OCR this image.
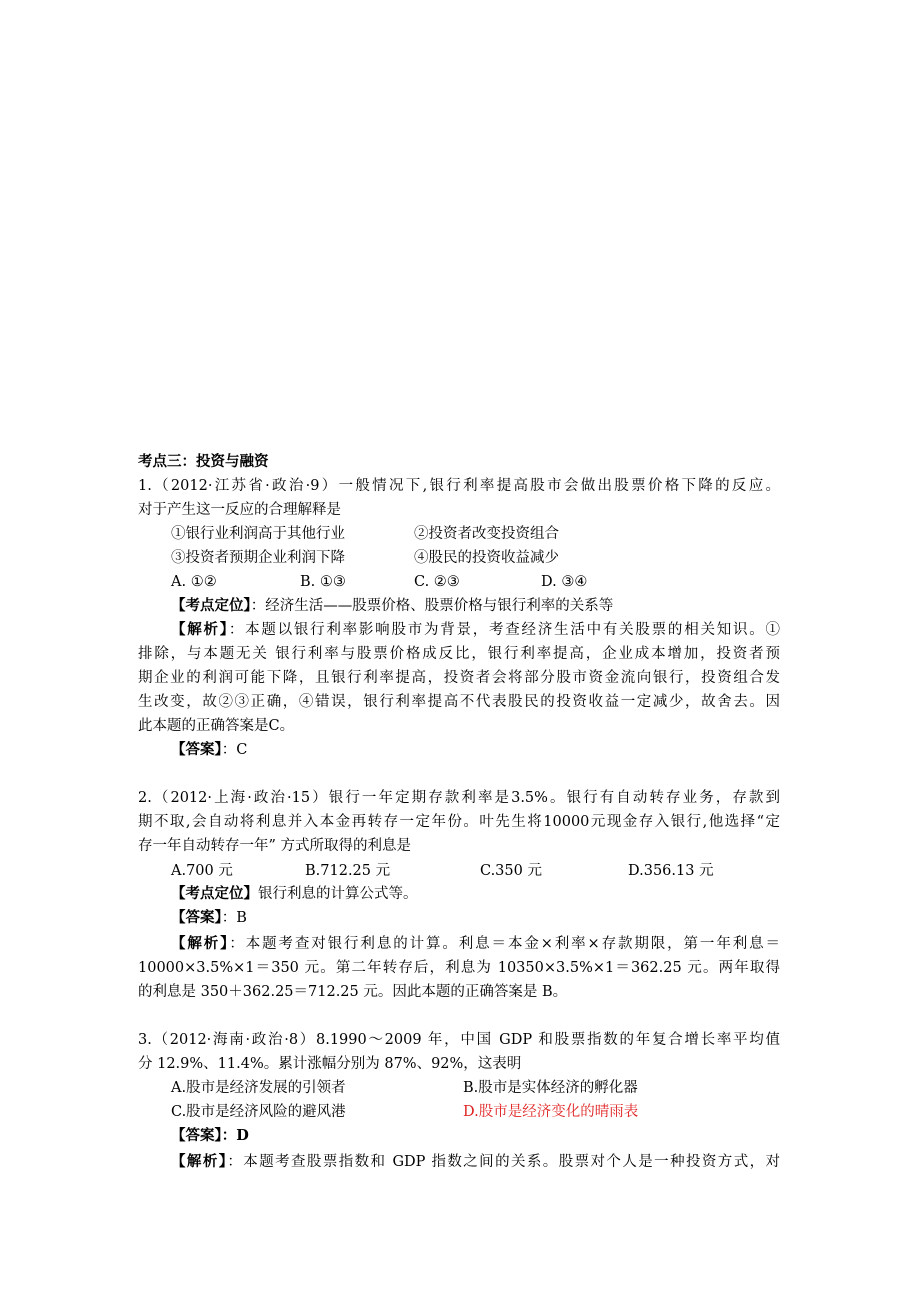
考点三：投资与融资
1.（2012·江苏省·政治·9）一般情况下,银行利率提高股市会做出股票价格下降的反应。
对于产生这一反应的合理解释是
①银行业利润高于其他行业	②投资者改变投资组合
③投资者预期企业利润下降	④股民的投资收益减少
A. ①②	B. ①③	C. ②③	D. ③④
【考点定位】：经济生活——股票价格、股票价格与银行利率的关系等
【解析】：本题以银行利率影响股市为背景，考查经济生活中有关股票的相关知识。①
排除，与本题无关 银行利率与股票价格成反比，银行利率提高，企业成本增加，投资者预
期企业的利润可能下降，且银行利率提高，投资者会将部分股市资金流向银行，投资组合发
生改变，故②③正确，④错误，银行利率提高不代表股民的投资收益一定减少，故舍去。因
此本题的正确答案是C。
【答案】：C
2.（2012·上海·政治·15）银行一年定期存款利率是3.5%。银行有自动转存业务，存款到
期不取,会自动将利息并入本金再转存一定年份。叶先生将10000元现金存入银行,他选择“定
存一年自动转存一年” 方式所取得的利息是
A.700 元	B.712.25 元	C.350 元	D.356.13 元
【考点定位】银行利息的计算公式等。
【答案】：B
【解析】：本题考查对银行利息的计算。利息＝本金×利率×存款期限，第一年利息＝
10000×3.5%×1＝350 元。第二年转存后，利息为 10350×3.5%×1＝362.25 元。两年取得
的利息是 350＋362.25＝712.25 元。因此本题的正确答案是 B。
3.（2012·海南·政治·8）8.1990～2009 年，中国 GDP 和股票指数的年复合增长率平均值
分 12.9%、11.4%。累计涨幅分别为 87%、92%，这表明
A.股市是经济发展的引领者	B.股市是实体经济的孵化器
C.股市是经济风险的避风港	D.股市是经济变化的晴雨表
【答案】：D
【解析】：本题考查股票指数和 GDP 指数之间的关系。股票对个人是一种投资方式，对
